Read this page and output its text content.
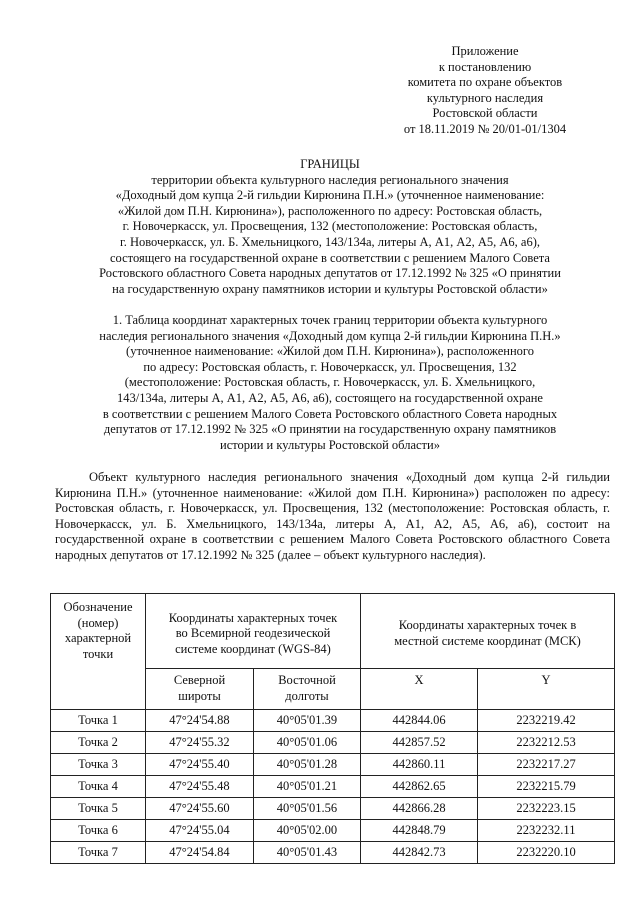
Приложение
к постановлению
комитета по охране объектов
культурного наследия
Ростовской области
от 18.11.2019 № 20/01-01/1304
ГРАНИЦЫ
территории объекта культурного наследия регионального значения
«Доходный дом купца 2-й гильдии Кирюнина П.Н.» (уточненное наименование:
«Жилой дом П.Н. Кирюнина»), расположенного по адресу: Ростовская область,
г. Новочеркасск, ул. Просвещения, 132 (местоположение: Ростовская область,
г. Новочеркасск, ул. Б. Хмельницкого, 143/134а, литеры А, А1, А2, А5, А6, а6),
состоящего на государственной охране в соответствии с решением Малого Совета
Ростовского областного Совета народных депутатов от 17.12.1992 № 325 «О принятии
на государственную охрану памятников истории и культуры Ростовской области»
1. Таблица координат характерных точек границ территории объекта культурного
наследия регионального значения «Доходный дом купца 2-й гильдии Кирюнина П.Н.»
(уточненное наименование: «Жилой дом П.Н. Кирюнина»), расположенного
по адресу: Ростовская область, г. Новочеркасск, ул. Просвещения, 132
(местоположение: Ростовская область, г. Новочеркасск, ул. Б. Хмельницкого,
143/134а, литеры А, А1, А2, А5, А6, а6), состоящего на государственной охране
в соответствии с решением Малого Совета Ростовского областного Совета народных
депутатов от 17.12.1992 № 325 «О принятии на государственную охрану памятников
истории и культуры Ростовской области»
Объект культурного наследия регионального значения «Доходный дом купца 2-й гильдии Кирюнина П.Н.» (уточненное наименование: «Жилой дом П.Н. Кирюнина») расположен по адресу: Ростовская область, г. Новочеркасск, ул. Просвещения, 132 (местоположение: Ростовская область, г. Новочеркасск, ул. Б. Хмельницкого, 143/134а, литеры А, А1, А2, А5, А6, а6), состоит на государственной охране в соответствии с решением Малого Совета Ростовского областного Совета народных депутатов от 17.12.1992 № 325 (далее – объект культурного наследия).
Обозначение (номер) характерной точки	Координаты характерных точек во Всемирной геодезической системе координат (WGS-84)		Координаты характерных точек в местной системе координат (МСК)	
	Северной широты	Восточной долготы	X	Y
Точка 1	47°24'54.88	40°05'01.39	442844.06	2232219.42
Точка 2	47°24'55.32	40°05'01.06	442857.52	2232212.53
Точка 3	47°24'55.40	40°05'01.28	442860.11	2232217.27
Точка 4	47°24'55.48	40°05'01.21	442862.65	2232215.79
Точка 5	47°24'55.60	40°05'01.56	442866.28	2232223.15
Точка 6	47°24'55.04	40°05'02.00	442848.79	2232232.11
Точка 7	47°24'54.84	40°05'01.43	442842.73	2232220.10
